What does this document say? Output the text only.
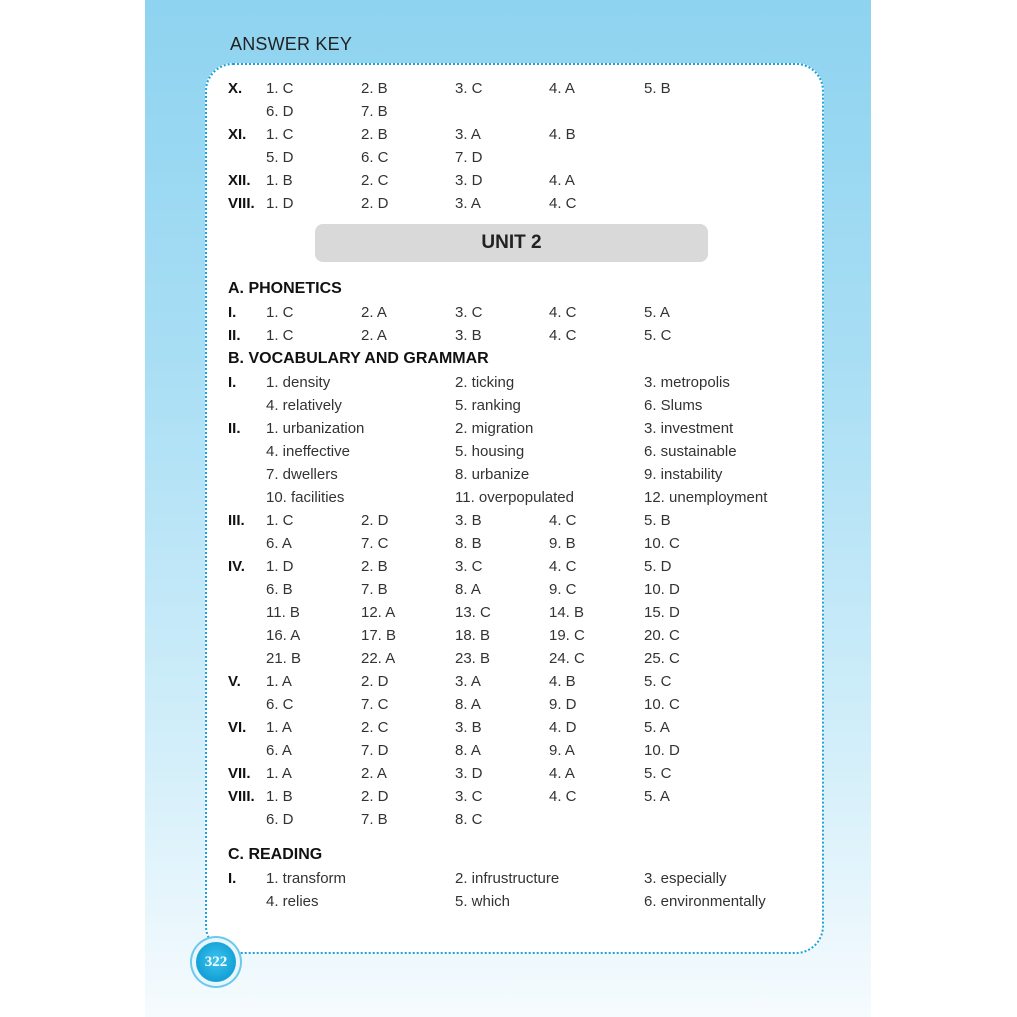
ANSWER KEY
X. 1. C	2. B	3. C	4. A	5. B
6. D	7. B
XI. 1. C	2. B	3. A	4. B
5. D	6. C	7. D
XII. 1. B	2. C	3. D	4. A
VIII. 1. D	2. D	3. A	4. C
UNIT 2
A. PHONETICS
I. 1. C	2. A	3. C	4. C	5. A
II. 1. C	2. A	3. B	4. C	5. C
B. VOCABULARY AND GRAMMAR
I. 1. density	2. ticking	3. metropolis
4. relatively	5. ranking	6. Slums
II. 1. urbanization	2. migration	3. investment
4. ineffective	5. housing	6. sustainable
7. dwellers	8. urbanize	9. instability
10. facilities	11. overpopulated	12. unemployment
III. 1. C	2. D	3. B	4. C	5. B
6. A	7. C	8. B	9. B	10. C
IV. 1. D	2. B	3. C	4. C	5. D
6. B	7. B	8. A	9. C	10. D
11. B	12. A	13. C	14. B	15. D
16. A	17. B	18. B	19. C	20. C
21. B	22. A	23. B	24. C	25. C
V. 1. A	2. D	3. A	4. B	5. C
6. C	7. C	8. A	9. D	10. C
VI. 1. A	2. C	3. B	4. D	5. A
6. A	7. D	8. A	9. A	10. D
VII. 1. A	2. A	3. D	4. A	5. C
VIII. 1. B	2. D	3. C	4. C	5. A
6. D	7. B	8. C
C. READING
I. 1. transform	2. infrustructure	3. especially
4. relies	5. which	6. environmentally
322
